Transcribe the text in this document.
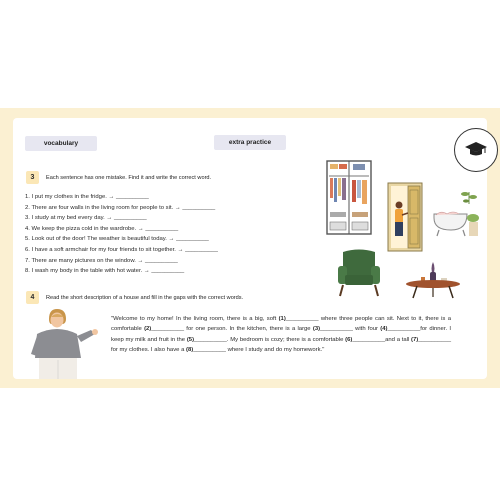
vocabulary	extra practice
3	Each sentence has one mistake. Find it and write the correct word.
1. I put my clothes in the fridge. → __________
2. There are four walls in the living room for people to sit. → __________
3. I study at my bed every day. → __________
4. We keep the pizza cold in the wardrobe. → __________
5. Look out of the door! The weather is beautiful today. → __________
6. I have a soft armchair for my four friends to sit together. → __________
7. There are many pictures on the window. → __________
8. I wash my body in the table with hot water. → __________
4	Read the short description of a house and fill in the gaps with the correct words.

"Welcome to my home! In the living room, there is a big, soft (1)__________ where three people can sit. Next to it, there is a comfortable (2)__________ for one person. In the kitchen, there is a large (3)__________ with four (4)__________for dinner. I keep my milk and fruit in the (5)__________. My bedroom is cozy; there is a comfortable (6)__________and a tall (7)__________ for my clothes. I also have a (8)__________ where I study and do my homework."
